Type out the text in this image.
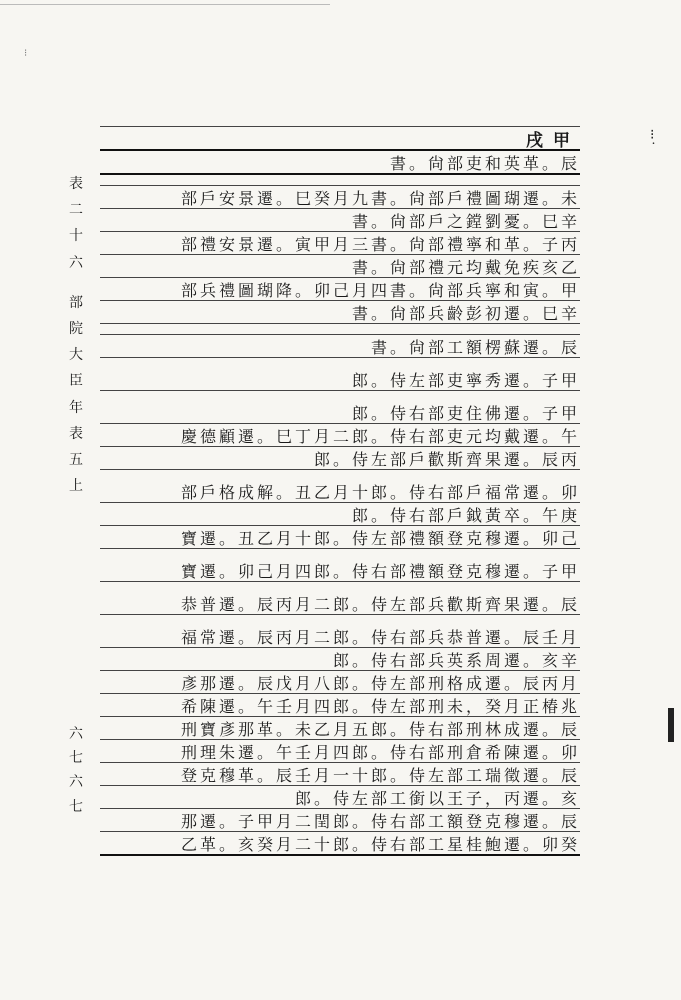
⁝
表
二
十
六
部
院
大
臣
年
表
五
上
六
七
六
七
⁝
˙
戌甲
書。尙部吏和英革。辰
部戶安景遷。巳癸月九書。尙部戶禮圖瑚遷。未
書。尙部戶之鏜劉憂。巳辛
部禮安景遷。寅甲月三書。尙部禮寧和革。子丙
書。尙部禮元均戴免疾亥乙
部兵禮圖瑚降。卯己月四書。尙部兵寧和寅。甲
書。尙部兵齡彭初遷。巳辛
書。尙部工額楞蘇遷。辰
郎。侍左部吏寧秀遷。子甲
郎。侍右部吏住佛遷。子甲
慶德顧遷。巳丁月二郎。侍右部吏元均戴遷。午
郎。侍左部戶歡斯齊果遷。辰丙
部戶格成解。丑乙月十郎。侍右部戶福常遷。卯
郎。侍右部戶鉞黃卒。午庚
寶遷。丑乙月十郎。侍左部禮額登克穆遷。卯己
寶遷。卯己月四郎。侍右部禮額登克穆遷。子甲
恭普遷。辰丙月二郎。侍左部兵歡斯齊果遷。辰
福常遷。辰丙月二郎。侍右部兵恭普遷。辰壬月
郎。侍右部兵英系周遷。亥辛
彥那遷。辰戊月八郎。侍左部刑格成遷。辰丙月
希陳遷。午壬月四郎。侍左部刑未，癸月正椿兆
刑寶彥那革。未乙月五郎。侍右部刑林成遷。辰
刑理朱遷。午壬月四郎。侍右部刑倉希陳遷。卯
登克穆革。辰壬月一十郎。侍左部工瑞徵遷。辰
郎。侍左部工銜以王子，丙遷。亥
那遷。子甲月二閏郎。侍右部工額登克穆遷。辰
乙革。亥癸月二十郎。侍右部工星桂鮑遷。卯癸
